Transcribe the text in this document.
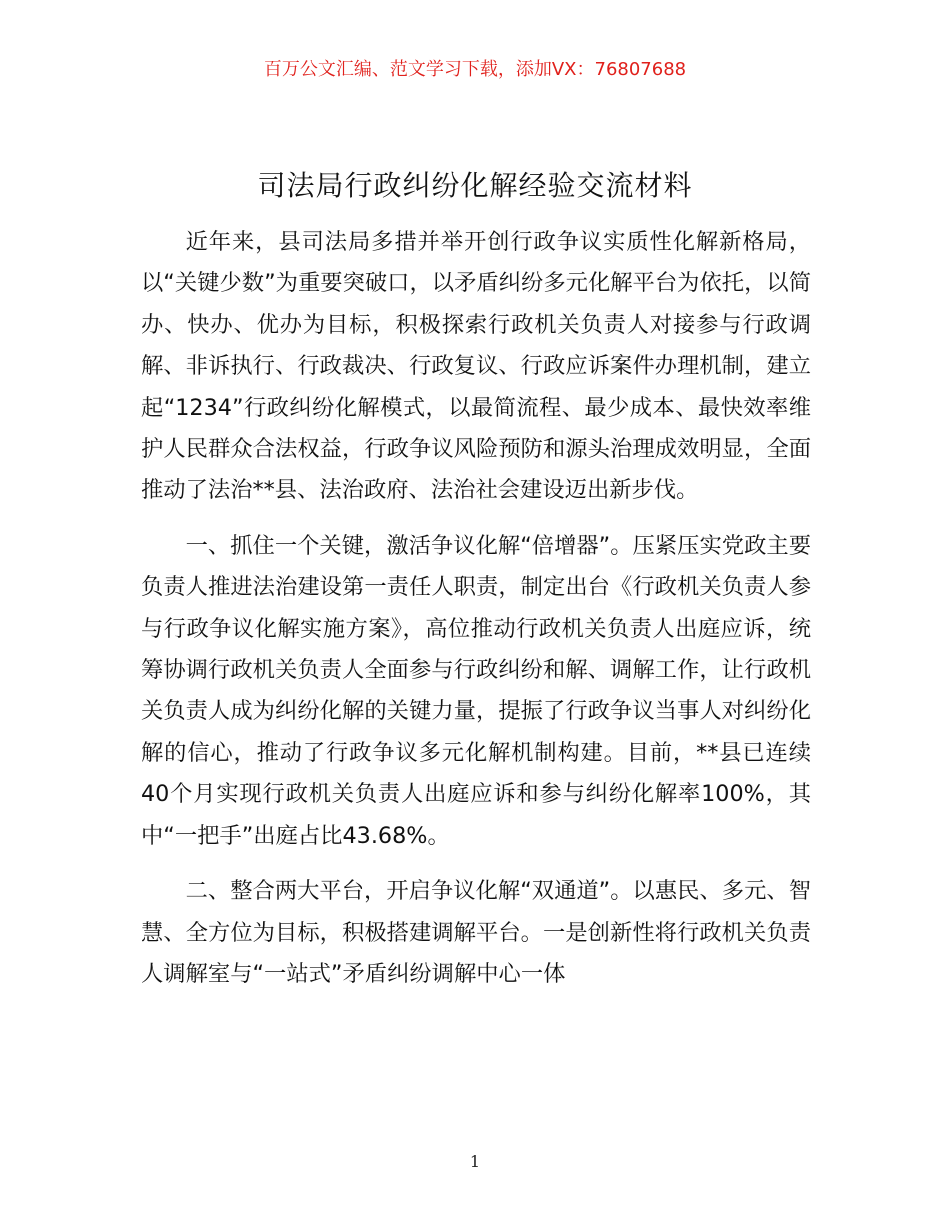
百万公文汇编、范文学习下载，添加VX：76807688
司法局行政纠纷化解经验交流材料

近年来，县司法局多措并举开创行政争议实质性化解新格局，以“关键少数”为重要突破口，以矛盾纠纷多元化解平台为依托，以简办、快办、优办为目标，积极探索行政机关负责人对接参与行政调解、非诉执行、行政裁决、行政复议、行政应诉案件办理机制，建立起“1234”行政纠纷化解模式，以最简流程、最少成本、最快效率维护人民群众合法权益，行政争议风险预防和源头治理成效明显，全面推动了法治**县、法治政府、法治社会建设迈出新步伐。

一、抓住一个关键，激活争议化解“倍增器”。压紧压实党政主要负责人推进法治建设第一责任人职责，制定出台《行政机关负责人参与行政争议化解实施方案》，高位推动行政机关负责人出庭应诉，统筹协调行政机关负责人全面参与行政纠纷和解、调解工作，让行政机关负责人成为纠纷化解的关键力量，提振了行政争议当事人对纠纷化解的信心，推动了行政争议多元化解机制构建。目前，**县已连续40个月实现行政机关负责人出庭应诉和参与纠纷化解率100%，其中“一把手”出庭占比43.68%。

二、整合两大平台，开启争议化解“双通道”。以惠民、多元、智慧、全方位为目标，积极搭建调解平台。一是创新性将行政机关负责人调解室与“一站式”矛盾纠纷调解中心一体

1
